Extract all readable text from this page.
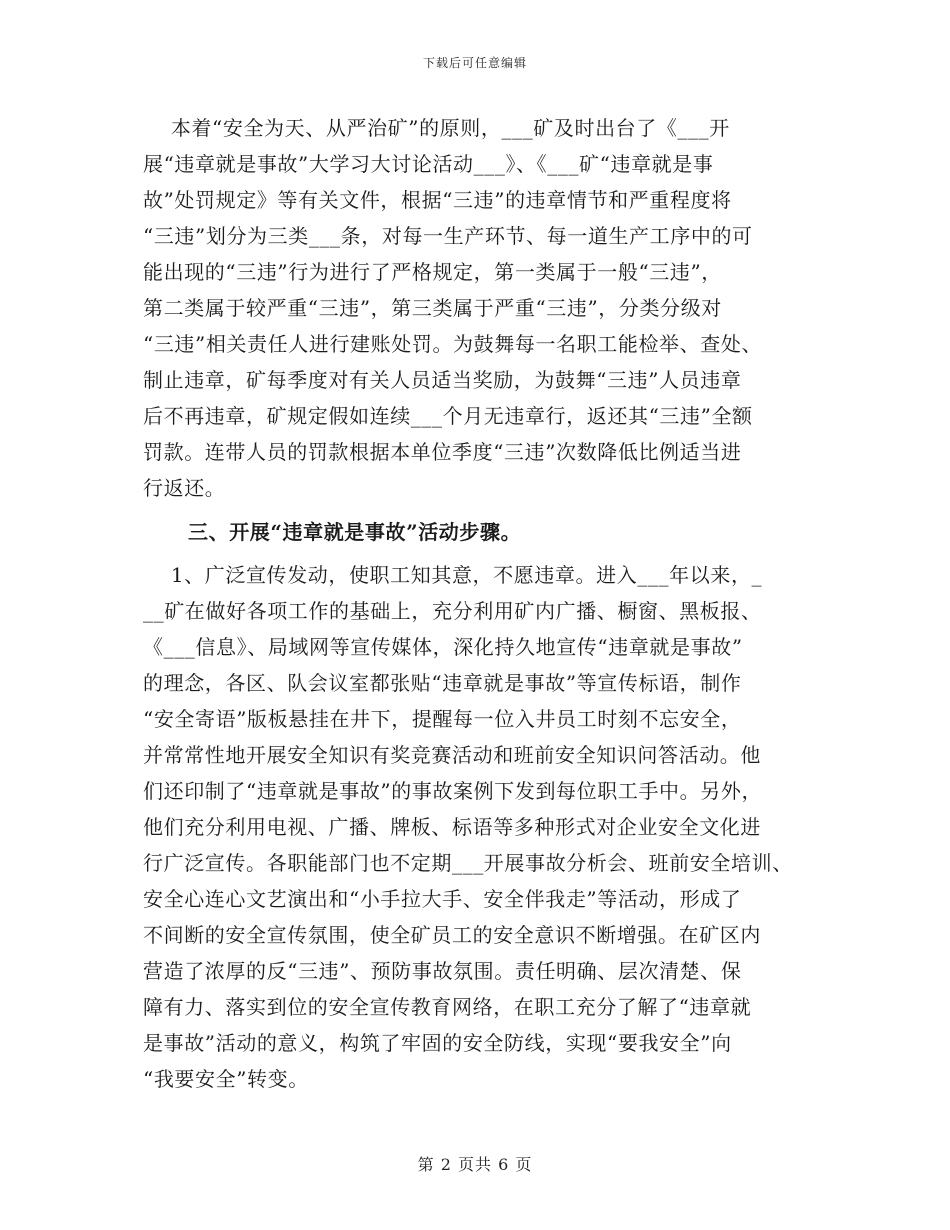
下载后可任意编辑
本着“安全为天、从严治矿”的原则，___矿及时出台了《___开
展“违章就是事故”大学习大讨论活动___》、《___矿“违章就是事
故”处罚规定》等有关文件，根据“三违”的违章情节和严重程度将
“三违”划分为三类___条，对每一生产环节、每一道生产工序中的可
能出现的“三违”行为进行了严格规定，第一类属于一般“三违”，
第二类属于较严重“三违”，第三类属于严重“三违”，分类分级对
“三违”相关责任人进行建账处罚。为鼓舞每一名职工能检举、查处、
制止违章，矿每季度对有关人员适当奖励，为鼓舞“三违”人员违章
后不再违章，矿规定假如连续___个月无违章行，返还其“三违”全额
罚款。连带人员的罚款根据本单位季度“三违”次数降低比例适当进
行返还。
三、开展“违章就是事故”活动步骤。
1、广泛宣传发动，使职工知其意，不愿违章。进入___年以来，_
__矿在做好各项工作的基础上，充分利用矿内广播、橱窗、黑板报、
《___信息》、局域网等宣传媒体，深化持久地宣传“违章就是事故”
的理念，各区、队会议室都张贴“违章就是事故”等宣传标语，制作
“安全寄语”版板悬挂在井下，提醒每一位入井员工时刻不忘安全，
并常常性地开展安全知识有奖竞赛活动和班前安全知识问答活动。他
们还印制了“违章就是事故”的事故案例下发到每位职工手中。另外，
他们充分利用电视、广播、牌板、标语等多种形式对企业安全文化进
行广泛宣传。各职能部门也不定期___开展事故分析会、班前安全培训、
安全心连心文艺演出和“小手拉大手、安全伴我走”等活动，形成了
不间断的安全宣传氛围，使全矿员工的安全意识不断增强。在矿区内
营造了浓厚的反“三违”、预防事故氛围。责任明确、层次清楚、保
障有力、落实到位的安全宣传教育网络，在职工充分了解了“违章就
是事故”活动的意义，构筑了牢固的安全防线，实现“要我安全”向
“我要安全”转变。
第 2 页共 6 页
